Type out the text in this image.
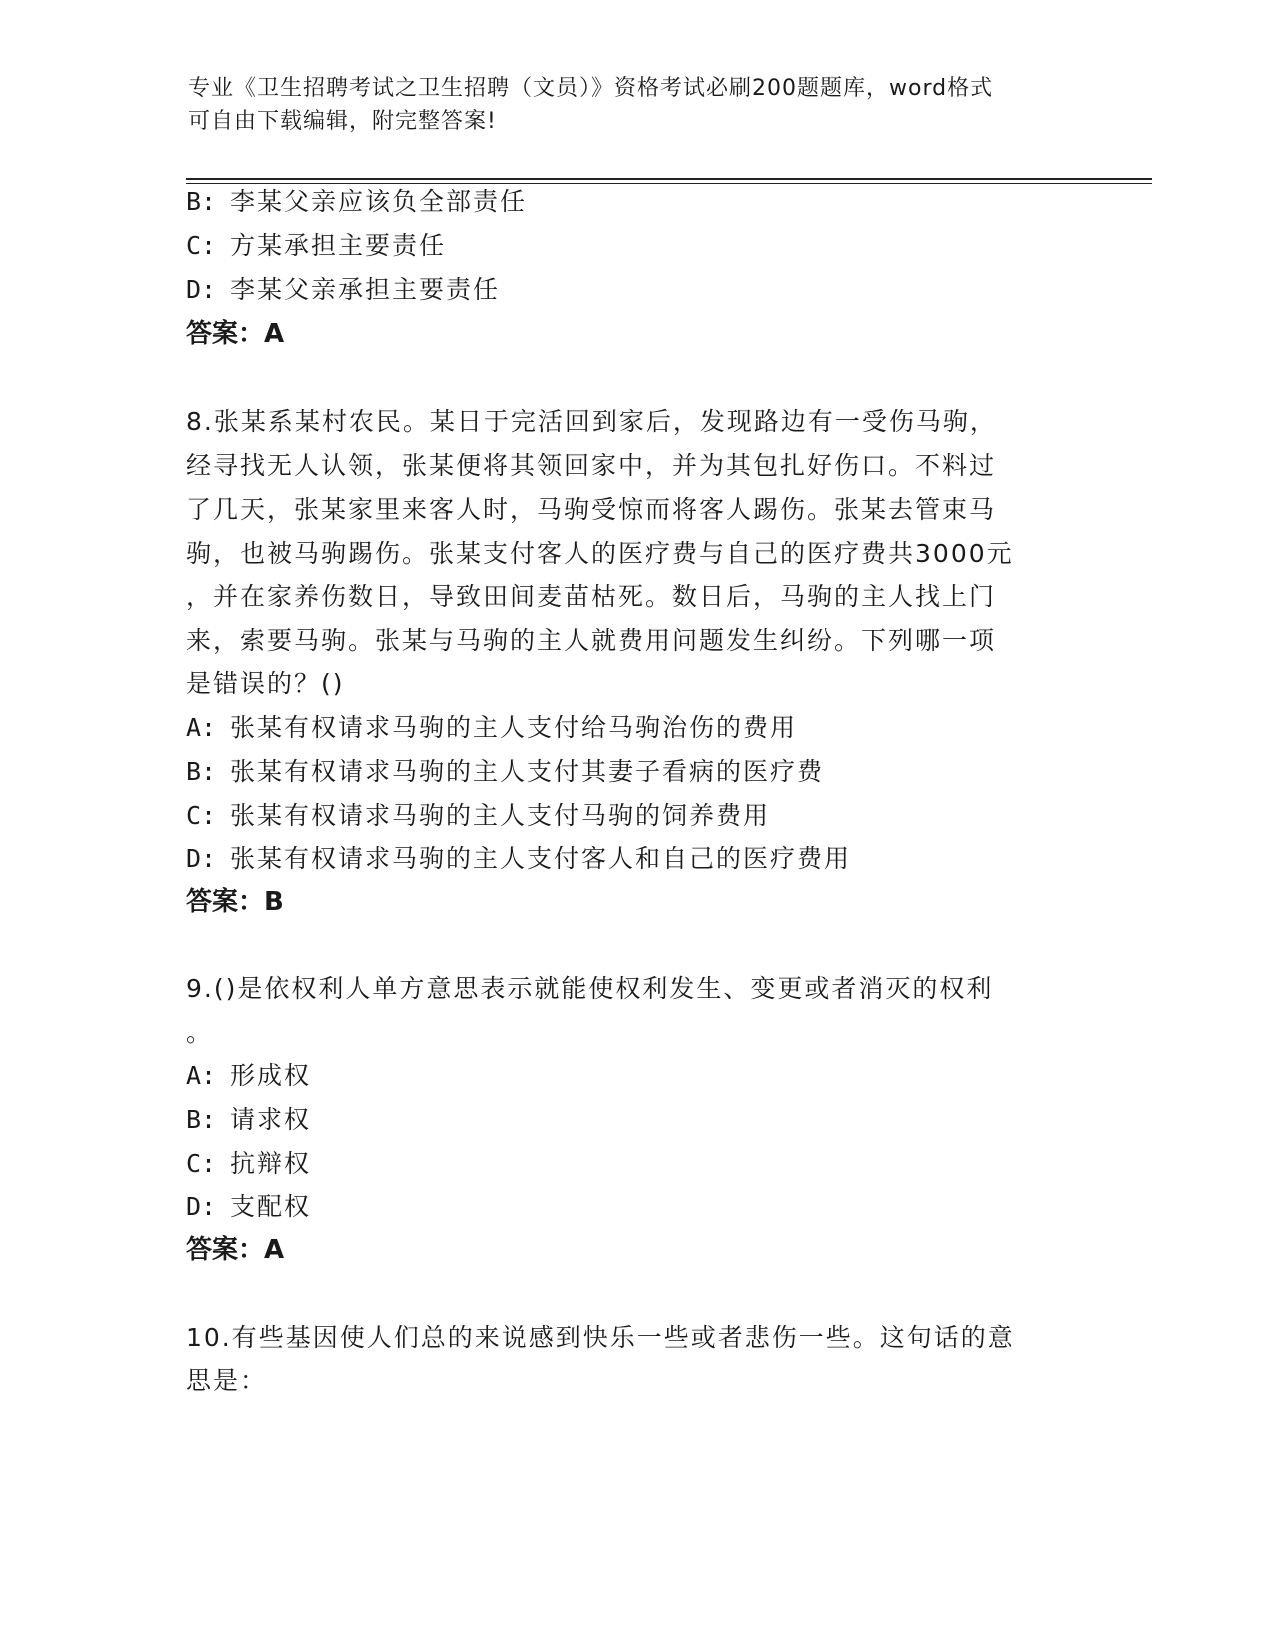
专业《卫生招聘考试之卫生招聘（文员）》资格考试必刷200题题库，word格式
可自由下载编辑，附完整答案!
B: 李某父亲应该负全部责任
C: 方某承担主要责任
D: 李某父亲承担主要责任
答案：A
8.张某系某村农民。某日于完活回到家后，发现路边有一受伤马驹，
经寻找无人认领，张某便将其领回家中，并为其包扎好伤口。不料过
了几天，张某家里来客人时，马驹受惊而将客人踢伤。张某去管束马
驹，也被马驹踢伤。张某支付客人的医疗费与自己的医疗费共3000元
，并在家养伤数日，导致田间麦苗枯死。数日后，马驹的主人找上门
来，索要马驹。张某与马驹的主人就费用问题发生纠纷。下列哪一项
是错误的？()
A: 张某有权请求马驹的主人支付给马驹治伤的费用
B: 张某有权请求马驹的主人支付其妻子看病的医疗费
C: 张某有权请求马驹的主人支付马驹的饲养费用
D: 张某有权请求马驹的主人支付客人和自己的医疗费用
答案：B
9.()是依权利人单方意思表示就能使权利发生、变更或者消灭的权利
。
A: 形成权
B: 请求权
C: 抗辩权
D: 支配权
答案：A
10.有些基因使人们总的来说感到快乐一些或者悲伤一些。这句话的意
思是：
